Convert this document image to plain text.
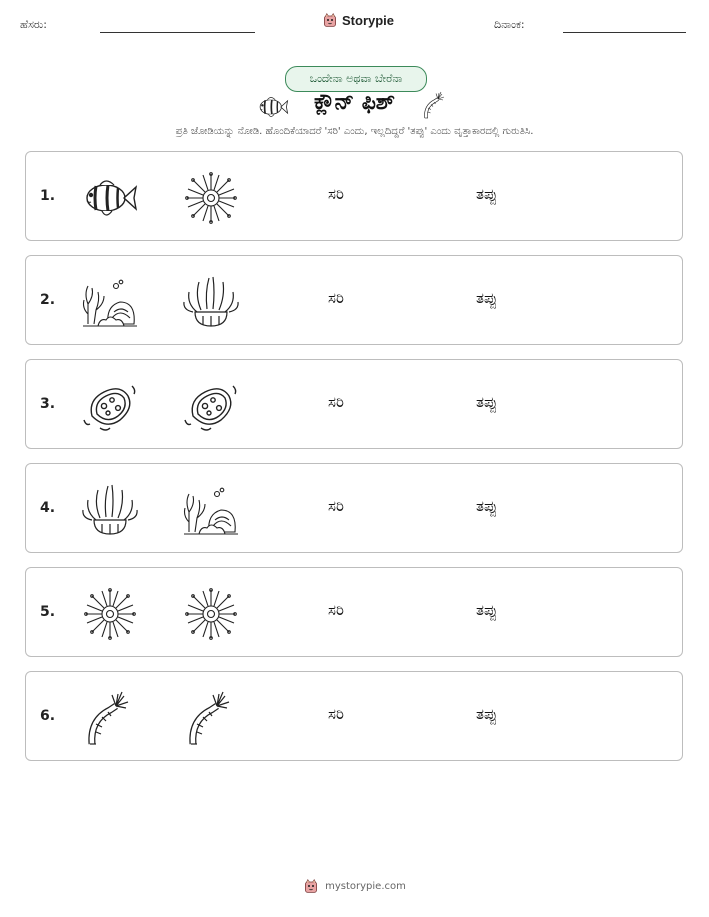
ಹೆಸರು:	Storypie	ದಿನಾಂಕ:
ಒಂದೇನಾ ಅಥವಾ ಬೇರೆನಾ
ಕ್ಲೌನ್ ಫಿಶ್
ಪ್ರತಿ ಜೋಡಿಯನ್ನು ನೋಡಿ. ಹೊಂದಿಕೆಯಾದರೆ 'ಸರಿ' ಎಂದು, ಇಲ್ಲದಿದ್ದರೆ 'ತಪ್ಪು' ಎಂದು ವೃತ್ತಾಕಾರದಲ್ಲಿ ಗುರುತಿಸಿ.
1.	ಸರಿ	ತಪ್ಪು
2.	ಸರಿ	ತಪ್ಪು
3.	ಸರಿ	ತಪ್ಪು
4.	ಸರಿ	ತಪ್ಪು
5.	ಸರಿ	ತಪ್ಪು
6.	ಸರಿ	ತಪ್ಪು
mystorypie.com
